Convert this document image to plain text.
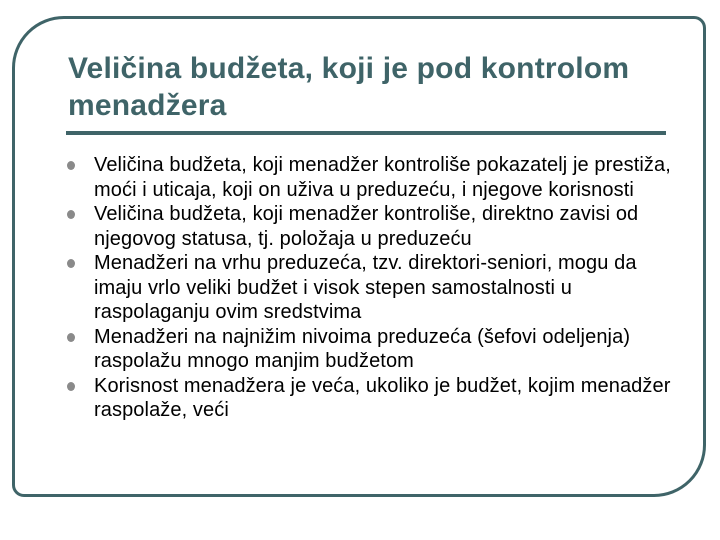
Veličina budžeta, koji je pod kontrolom menadžera
Veličina budžeta, koji menadžer kontroliše pokazatelj je prestiža, moći i uticaja, koji on uživa u preduzeću, i njegove korisnosti
Veličina budžeta, koji menadžer kontroliše, direktno zavisi od njegovog statusa, tj. položaja u preduzeću
Menadžeri na vrhu preduzeća, tzv. direktori-seniori, mogu da imaju vrlo veliki budžet i visok stepen samostalnosti u raspolaganju ovim sredstvima
Menadžeri na najnižim nivoima preduzeća (šefovi odeljenja) raspolažu mnogo manjim budžetom
Korisnost menadžera je veća, ukoliko je budžet, kojim menadžer raspolaže, veći
